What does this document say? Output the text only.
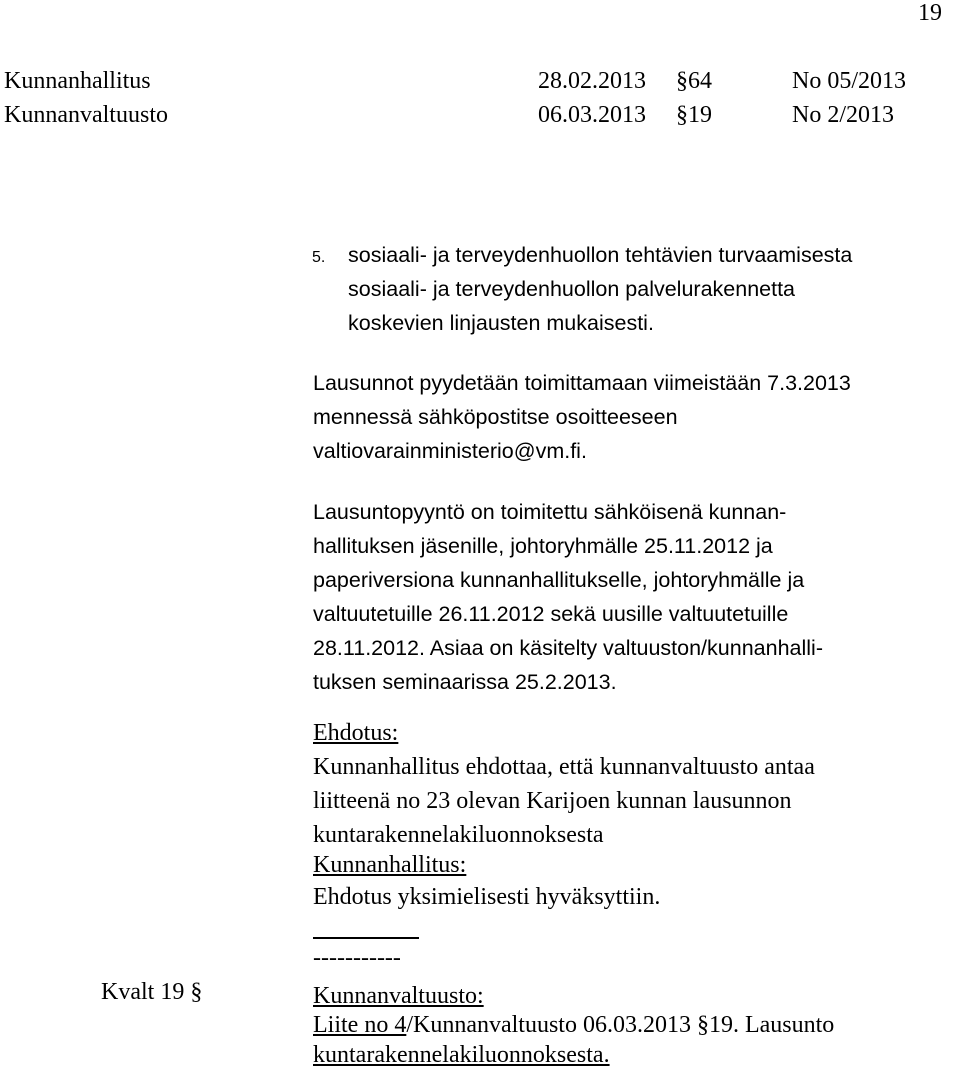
19
Kunnanhallitus	28.02.2013 §64	No 05/2013
Kunnanvaltuusto	06.03.2013 §19	No 2/2013
5. sosiaali- ja terveydenhuollon tehtävien turvaamisesta
sosiaali- ja terveydenhuollon palvelurakennetta
koskevien linjausten mukaisesti.
Lausunnot pyydetään toimittamaan viimeistään 7.3.2013
mennessä sähköpostitse osoitteeseen
valtiovarainministerio@vm.fi.
Lausuntopyyntö on toimitettu sähköisenä kunnan-
hallituksen jäsenille, johtoryhmälle 25.11.2012 ja
paperiversiona kunnanhallitukselle, johtoryhmälle ja
valtuutetuille 26.11.2012 sekä uusille valtuutetuille
28.11.2012. Asiaa on käsitelty valtuuston/kunnanhalli-
tuksen seminaarissa 25.2.2013.
Ehdotus:
Kunnanhallitus ehdottaa, että kunnanvaltuusto antaa
liitteenä no 23 olevan Karijoen kunnan lausunnon
kuntarakennelakiluonnoksesta
Kunnanhallitus:
Ehdotus yksimielisesti hyväksyttiin.
-----------
Kvalt 19 §	Kunnanvaltuusto:
Liite no 4/Kunnanvaltuusto 06.03.2013 §19. Lausunto
kuntarakennelakiluonnoksesta.
